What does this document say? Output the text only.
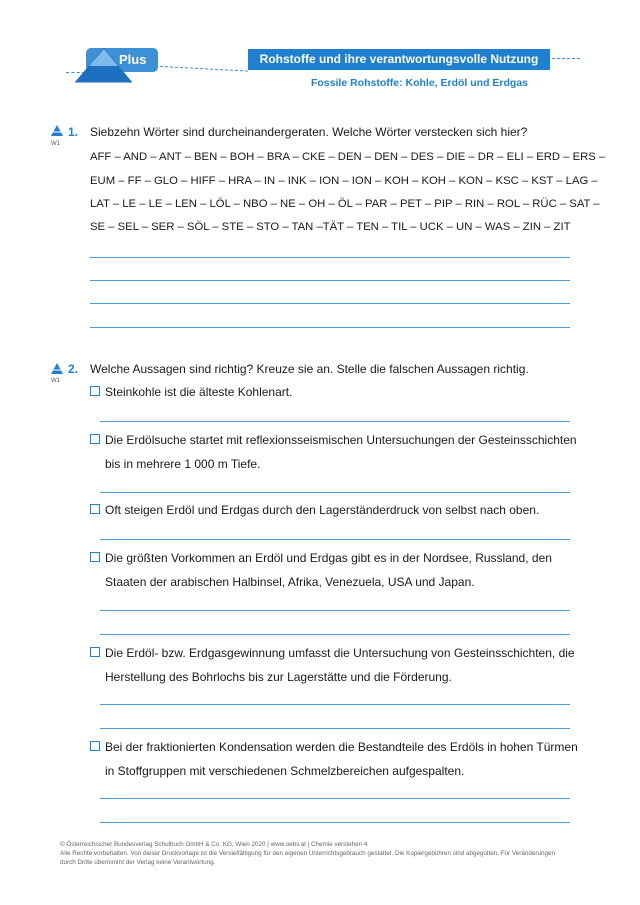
Plus	Rohstoffe und ihre verantwortungsvolle Nutzung
Fossile Rohstoffe: Kohle, Erdöl und Erdgas
W1
1. Siebzehn Wörter sind durcheinandergeraten. Welche Wörter verstecken sich hier?
AFF – AND – ANT – BEN – BOH – BRA – CKE – DEN – DEN – DES – DIE – DR – ELI – ERD – ERS –
EUM – FF – GLO – HIFF – HRA – IN – INK – ION – ION – KOH – KOH – KON – KSC – KST – LAG –
LAT – LE – LE – LEN – LÖL – NBO – NE – OH – ÖL – PAR – PET – PIP – RIN – ROL – RÜC – SAT –
SE – SEL – SER – SÖL – STE – STO – TAN –TÄT – TEN – TIL – UCK – UN – WAS – ZIN – ZIT
W1
2. Welche Aussagen sind richtig? Kreuze sie an. Stelle die falschen Aussagen richtig.
Steinkohle ist die älteste Kohlenart.
Die Erdölsuche startet mit reflexionsseismischen Untersuchungen der Gesteinsschichten
bis in mehrere 1 000 m Tiefe.
Oft steigen Erdöl und Erdgas durch den Lagerständerdruck von selbst nach oben.
Die größten Vorkommen an Erdöl und Erdgas gibt es in der Nordsee, Russland, den
Staaten der arabischen Halbinsel, Afrika, Venezuela, USA und Japan.
Die Erdöl- bzw. Erdgasgewinnung umfasst die Untersuchung von Gesteinsschichten, die
Herstellung des Bohrlochs bis zur Lagerstätte und die Förderung.
Bei der fraktionierten Kondensation werden die Bestandteile des Erdöls in hohen Türmen
in Stoffgruppen mit verschiedenen Schmelzbereichen aufgespalten.
© Österreichischer Bundesverlag Schulbuch GmbH & Co. KG, Wien 2020 | www.oebv.at | Chemie verstehen 4
Alle Rechte vorbehalten. Von dieser Druckvorlage ist die Vervielfältigung für den eigenen Unterrichtsgebrauch gestattet. Die Kopiergebühren sind abgegolten. Für Veränderungen
durch Dritte übernimmt der Verlag keine Verantwortung.
